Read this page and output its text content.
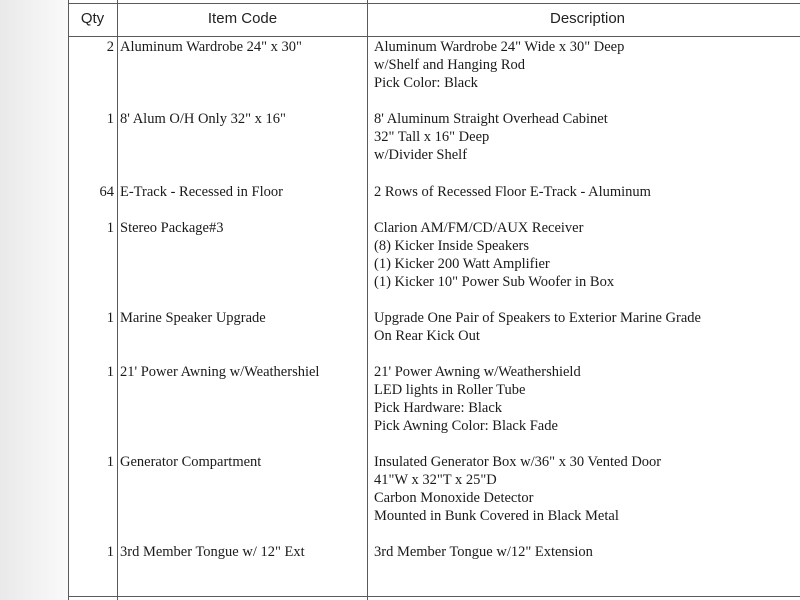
Qty	Item Code	Description
2 Aluminum Wardrobe 24" x 30"	Aluminum Wardrobe 24" Wide x 30" Deep
w/Shelf and Hanging Rod
Pick Color: Black
1 8' Alum O/H Only 32" x 16"	8' Aluminum Straight Overhead Cabinet
32" Tall x 16" Deep
w/Divider Shelf
64 E-Track - Recessed in Floor	2 Rows of Recessed Floor E-Track - Aluminum
1 Stereo Package#3	Clarion AM/FM/CD/AUX Receiver
(8) Kicker Inside Speakers
(1) Kicker 200 Watt Amplifier
(1) Kicker 10" Power Sub Woofer in Box
1 Marine Speaker Upgrade	Upgrade One Pair of Speakers to Exterior Marine Grade
On Rear Kick Out
1 21' Power Awning w/Weathershiel	21' Power Awning w/Weathershield
LED lights in Roller Tube
Pick Hardware: Black
Pick Awning Color: Black Fade
1 Generator Compartment	Insulated Generator Box w/36" x 30 Vented Door
41"W x 32"T x 25"D
Carbon Monoxide Detector
Mounted in Bunk Covered in Black Metal
1 3rd Member Tongue w/ 12" Ext	3rd Member Tongue w/12" Extension
